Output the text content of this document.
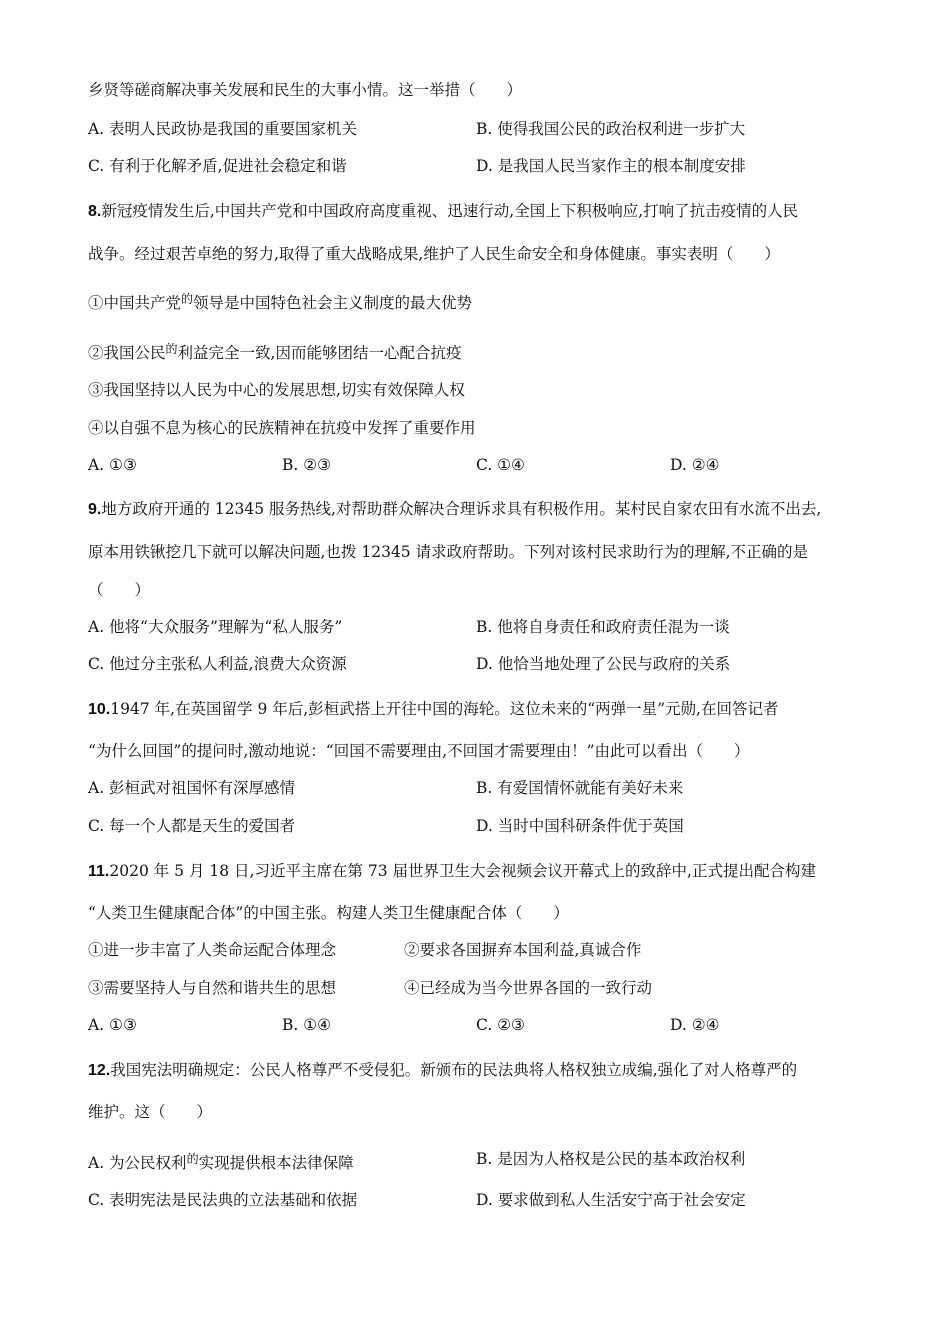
乡贤等磋商解决事关发展和民生的大事小情。这一举措（　　）
A. 表明人民政协是我国的重要国家机关	B. 使得我国公民的政治权利进一步扩大
C. 有利于化解矛盾,促进社会稳定和谐	D. 是我国人民当家作主的根本制度安排
8.新冠疫情发生后,中国共产党和中国政府高度重视、迅速行动,全国上下积极响应,打响了抗击疫情的人民
战争。经过艰苦卓绝的努力,取得了重大战略成果,维护了人民生命安全和身体健康。事实表明（　　）
①中国共产党$^的$领导是中国特色社会主义制度的最大优势
②我国公民$^的$利益完全一致,因而能够团结一心配合抗疫
③我国坚持以人民为中心的发展思想,切实有效保障人权
④以自强不息为核心的民族精神在抗疫中发挥了重要作用
A. ①③	B. ②③	C. ①④	D. ②④
9.地方政府开通的 12345 服务热线,对帮助群众解决合理诉求具有积极作用。某村民自家农田有水流不出去,
原本用铁锹挖几下就可以解决问题,也拨 12345 请求政府帮助。下列对该村民求助行为的理解,不正确的是
（　　）
A. 他将“大众服务”理解为“私人服务”	B. 他将自身责任和政府责任混为一谈
C. 他过分主张私人利益,浪费大众资源	D. 他恰当地处理了公民与政府的关系
10.1947 年,在英国留学 9 年后,彭桓武搭上开往中国的海轮。这位未来的“两弹一星”元勋,在回答记者
“为什么回国”的提问时,激动地说：“回国不需要理由,不回国才需要理由！”由此可以看出（　　）
A. 彭桓武对祖国怀有深厚感情	B. 有爱国情怀就能有美好未来
C. 每一个人都是天生的爱国者	D. 当时中国科研条件优于英国
11.2020 年 5 月 18 日,习近平主席在第 73 届世界卫生大会视频会议开幕式上的致辞中,正式提出配合构建
“人类卫生健康配合体”的中国主张。构建人类卫生健康配合体（　　）
①进一步丰富了人类命运配合体理念	②要求各国摒弃本国利益,真诚合作
③需要坚持人与自然和谐共生的思想	④已经成为当今世界各国的一致行动
A. ①③	B. ①④	C. ②③	D. ②④
12.我国宪法明确规定：公民人格尊严不受侵犯。新颁布的民法典将人格权独立成编,强化了对人格尊严的
维护。这（　　）
A. 为公民权利$^的$实现提供根本法律保障	B. 是因为人格权是公民的基本政治权利
C. 表明宪法是民法典的立法基础和依据	D. 要求做到私人生活安宁高于社会安定
